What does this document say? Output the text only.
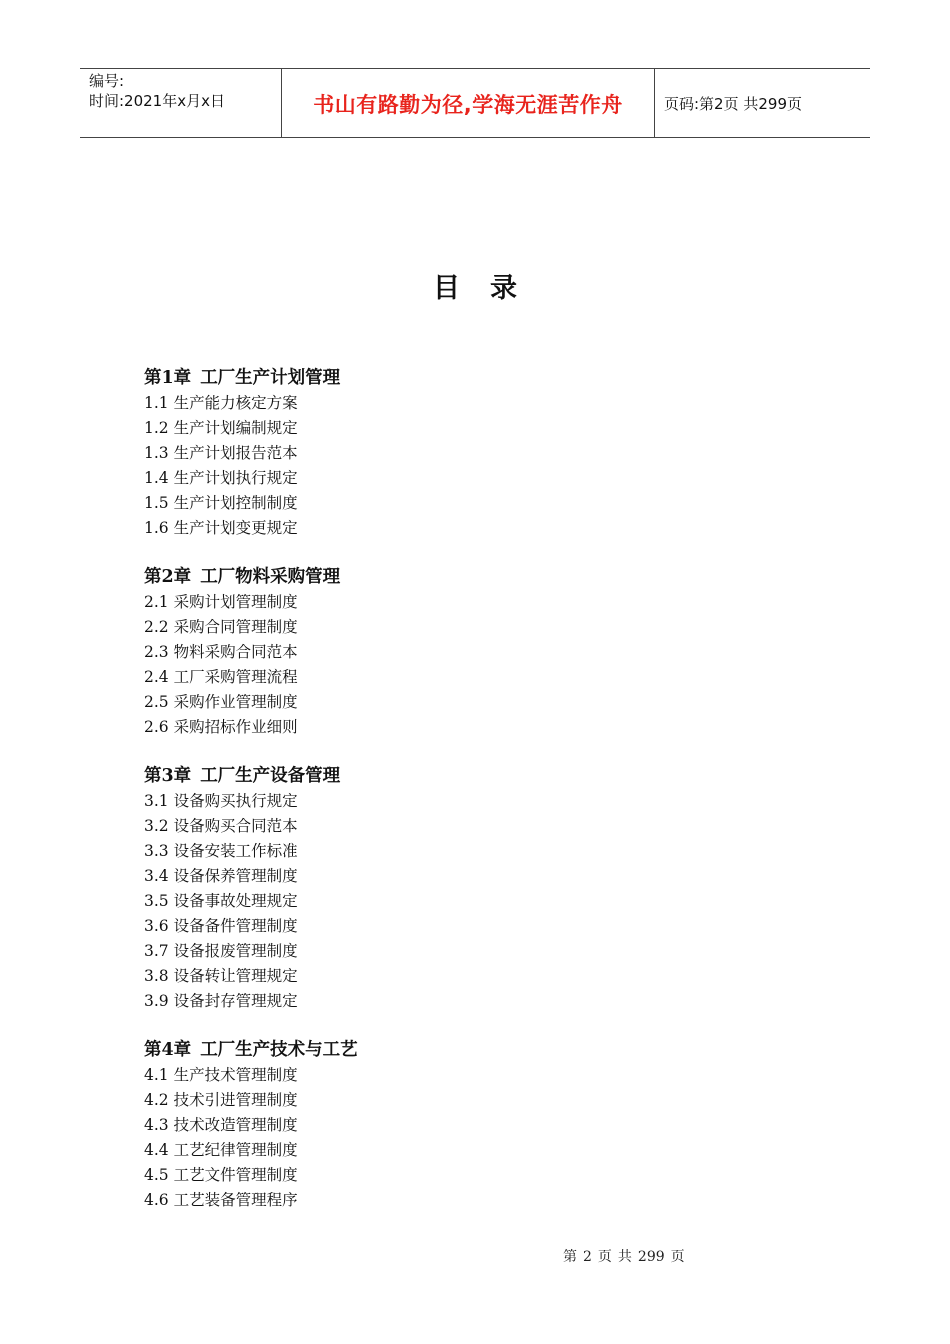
编号:
时间:2021年x月x日	书山有路勤为径,学海无涯苦作舟	页码:第2页 共299页
目录
第1章 工厂生产计划管理
1.1 生产能力核定方案
1.2 生产计划编制规定
1.3 生产计划报告范本
1.4 生产计划执行规定
1.5 生产计划控制制度
1.6 生产计划变更规定
第2章 工厂物料采购管理
2.1 采购计划管理制度
2.2 采购合同管理制度
2.3 物料采购合同范本
2.4 工厂采购管理流程
2.5 采购作业管理制度
2.6 采购招标作业细则
第3章 工厂生产设备管理
3.1 设备购买执行规定
3.2 设备购买合同范本
3.3 设备安装工作标准
3.4 设备保养管理制度
3.5 设备事故处理规定
3.6 设备备件管理制度
3.7 设备报废管理制度
3.8 设备转让管理规定
3.9 设备封存管理规定
第4章 工厂生产技术与工艺
4.1 生产技术管理制度
4.2 技术引进管理制度
4.3 技术改造管理制度
4.4 工艺纪律管理制度
4.5 工艺文件管理制度
4.6 工艺装备管理程序
第 2 页 共 299 页
